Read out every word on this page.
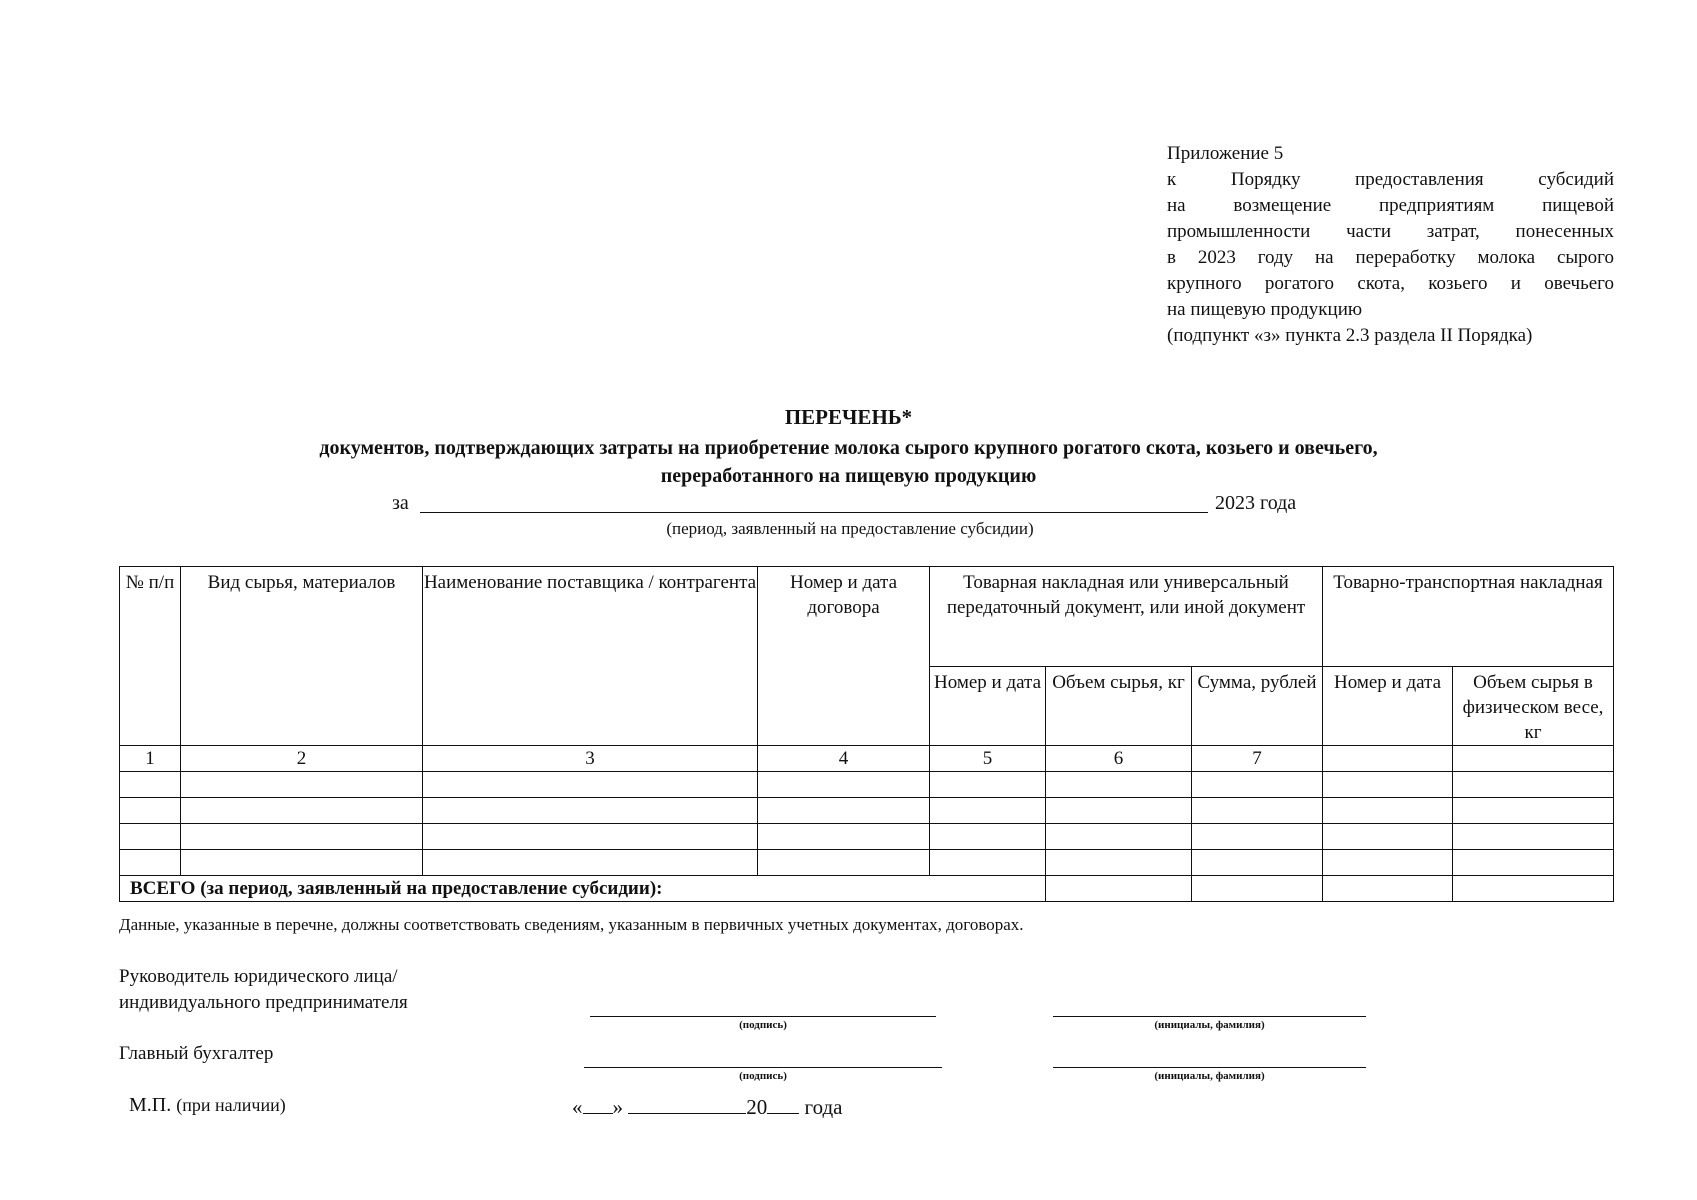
Приложение 5
к Порядку предоставления субсидий
на возмещение предприятиям пищевой
промышленности части затрат, понесенных
в 2023 году на переработку молока сырого
крупного рогатого скота, козьего и овечьего
на пищевую продукцию
(подпункт «з» пункта 2.3 раздела II Порядка)
ПЕРЕЧЕНЬ*
документов, подтверждающих затраты на приобретение молока сырого крупного рогатого скота, козьего и овечьего,
переработанного на пищевую продукцию
за	2023 года
(период, заявленный на предоставление субсидии)
№ п/п	Вид сырья, материалов	Наименование поставщика / контрагента	Номер и дата договора	Товарная накладная или универсальный передаточный документ, или иной документ			Товарно-транспортная накладная	
				Номер и дата	Объем сырья, кг	Сумма, рублей	Номер и дата	Объем сырья в физическом весе, кг
1	2	3	4	5	6	7		

ВСЕГО (за период, заявленный на предоставление субсидии):								
Данные, указанные в перечне, должны соответствовать сведениям, указанным в первичных учетных документах, договорах.
Руководитель юридического лица/
индивидуального предпринимателя
(подпись)	(инициалы, фамилия)
Главный бухгалтер
(подпись)	(инициалы, фамилия)
М.П. (при наличии)	« »	20 года
